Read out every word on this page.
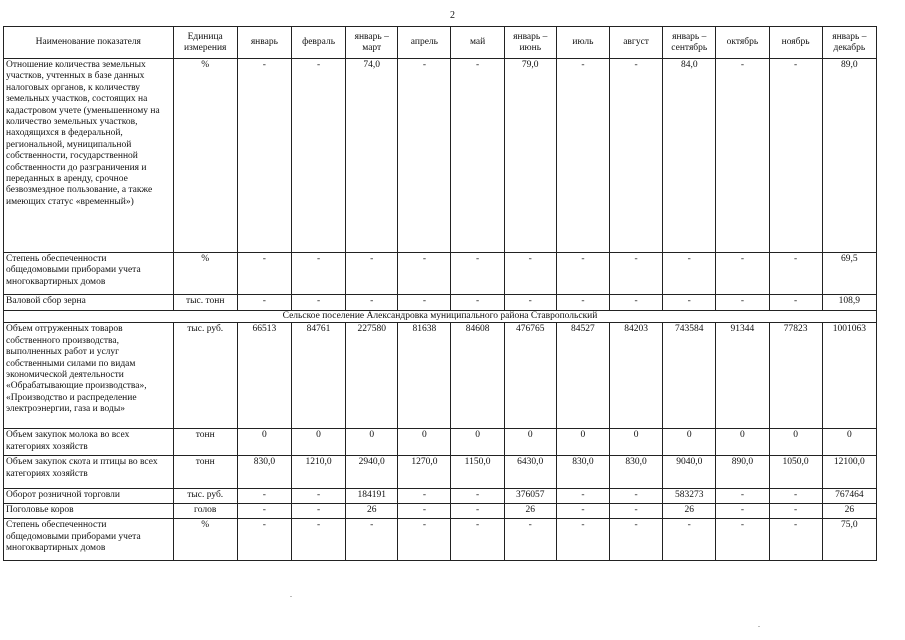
2
Наименование показателя	Единица измерения	январь	февраль	январь – март	апрель	май	январь – июнь	июль	август	январь – сентябрь	октябрь	ноябрь	январь – декабрь
Отношение количества земельных участков, учтенных в базе данных налоговых органов, к количеству земельных участков, состоящих на кадастровом учете (уменьшенному на количество земельных участков, находящихся в федеральной, региональной, муниципальной собственности, государственной собственности до разграничения и переданных в аренду, срочное безвозмездное пользование, а также имеющих статус «временный»)	%	-	-	74,0	-	-	79,0	-	-	84,0	-	-	89,0
Степень обеспеченности общедомовыми приборами учета многоквартирных домов	%	-	-	-	-	-	-	-	-	-	-	-	69,5
Валовой сбор зерна	тыс. тонн	-	-	-	-	-	-	-	-	-	-	-	108,9
Сельское поселение Александровка муниципального района Ставропольский													
Объем отгруженных товаров собственного производства, выполненных работ и услуг собственными силами по видам экономической деятельности «Обрабатывающие производства», «Производство и распределение электроэнергии, газа и воды»	тыс. руб.	66513	84761	227580	81638	84608	476765	84527	84203	743584	91344	77823	1001063
Объем закупок молока во всех категориях хозяйств	тонн	0	0	0	0	0	0	0	0	0	0	0	0
Объем закупок скота и птицы во всех категориях хозяйств	тонн	830,0	1210,0	2940,0	1270,0	1150,0	6430,0	830,0	830,0	9040,0	890,0	1050,0	12100,0
Оборот розничной торговли	тыс. руб.	-	-	184191	-	-	376057	-	-	583273	-	-	767464
Поголовье коров	голов	-	-	26	-	-	26	-	-	26	-	-	26
Степень обеспеченности общедомовыми приборами учета многоквартирных домов	%	-	-	-	-	-	-	-	-	-	-	-	75,0
